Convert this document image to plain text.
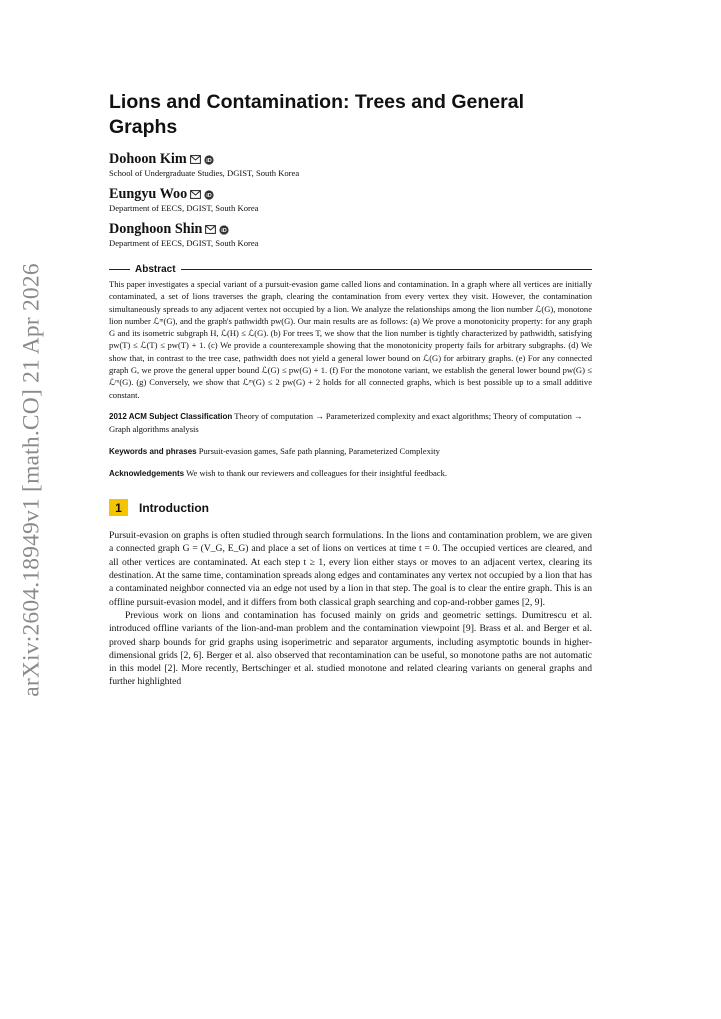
arXiv:2604.18949v1 [math.CO] 21 Apr 2026
Lions and Contamination: Trees and General Graphs
Dohoon Kim	iD
School of Undergraduate Studies, DGIST, South Korea
Eungyu Woo	iD
Department of EECS, DGIST, South Korea
Donghoon Shin	iD
Department of EECS, DGIST, South Korea
Abstract
This paper investigates a special variant of a pursuit-evasion game called lions and contamination. In a graph where all vertices are initially contaminated, a set of lions traverses the graph, clearing the contamination from every vertex they visit. However, the contamination simultaneously spreads to any adjacent vertex not occupied by a lion. We analyze the relationships among the lion number ℒ(G), monotone lion number ℒᵐ(G), and the graph's pathwidth pw(G). Our main results are as follows: (a) We prove a monotonicity property: for any graph G and its isometric subgraph H, ℒ(H) ≤ ℒ(G). (b) For trees T, we show that the lion number is tightly characterized by pathwidth, satisfying pw(T) ≤ ℒ(T) ≤ pw(T) + 1. (c) We provide a counterexample showing that the monotonicity property fails for arbitrary subgraphs. (d) We show that, in contrast to the tree case, pathwidth does not yield a general lower bound on ℒ(G) for arbitrary graphs. (e) For any connected graph G, we prove the general upper bound ℒ(G) ≤ pw(G) + 1. (f) For the monotone variant, we establish the general lower bound pw(G) ≤ ℒᵐ(G). (g) Conversely, we show that ℒᵐ(G) ≤ 2 pw(G) + 2 holds for all connected graphs, which is best possible up to a small additive constant.
2012 ACM Subject Classification Theory of computation → Parameterized complexity and exact algorithms; Theory of computation → Graph algorithms analysis
Keywords and phrases Pursuit-evasion games, Safe path planning, Parameterized Complexity
Acknowledgements We wish to thank our reviewers and colleagues for their insightful feedback.
1	Introduction
Pursuit-evasion on graphs is often studied through search formulations. In the lions and contamination problem, we are given a connected graph G = (V_G, E_G) and place a set of lions on vertices at time t = 0. The occupied vertices are cleared, and all other vertices are contaminated. At each step t ≥ 1, every lion either stays or moves to an adjacent vertex, clearing its destination. At the same time, contamination spreads along edges and contaminates any vertex not occupied by a lion that has a contaminated neighbor connected via an edge not used by a lion in that step. The goal is to clear the entire graph. This is an offline pursuit-evasion model, and it differs from both classical graph searching and cop-and-robber games [2, 9].
Previous work on lions and contamination has focused mainly on grids and geometric settings. Dumitrescu et al. introduced offline variants of the lion-and-man problem and the contamination viewpoint [9]. Brass et al. and Berger et al. proved sharp bounds for grid graphs using isoperimetric and separator arguments, including asymptotic bounds in higher-dimensional grids [2, 6]. Berger et al. also observed that recontamination can be useful, so monotone paths are not automatic in this model [2]. More recently, Bertschinger et al. studied monotone and related clearing variants on general graphs and further highlighted
